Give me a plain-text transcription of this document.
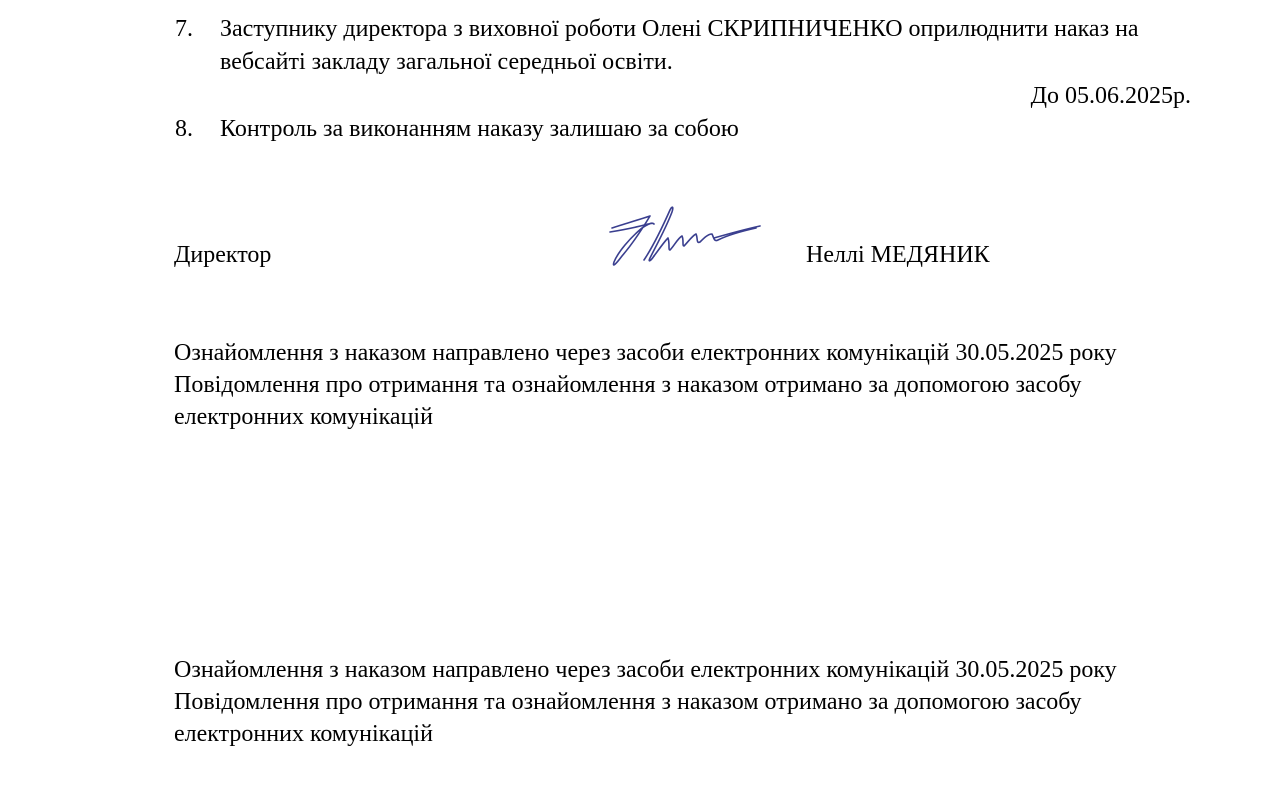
7. Заступнику директора з виховної роботи Олені СКРИПНИЧЕНКО оприлюднити наказ на вебсайті закладу загальної середньої освіти.
До 05.06.2025р.
8. Контроль за виконанням наказу залишаю за собою
Директор	Неллі МЕДЯНИК
Ознайомлення з наказом направлено через засоби електронних комунікацій 30.05.2025 року
Повідомлення про отримання та ознайомлення з наказом отримано за допомогою засобу
електронних комунікацій
Ознайомлення з наказом направлено через засоби електронних комунікацій 30.05.2025 року
Повідомлення про отримання та ознайомлення з наказом отримано за допомогою засобу
електронних комунікацій
